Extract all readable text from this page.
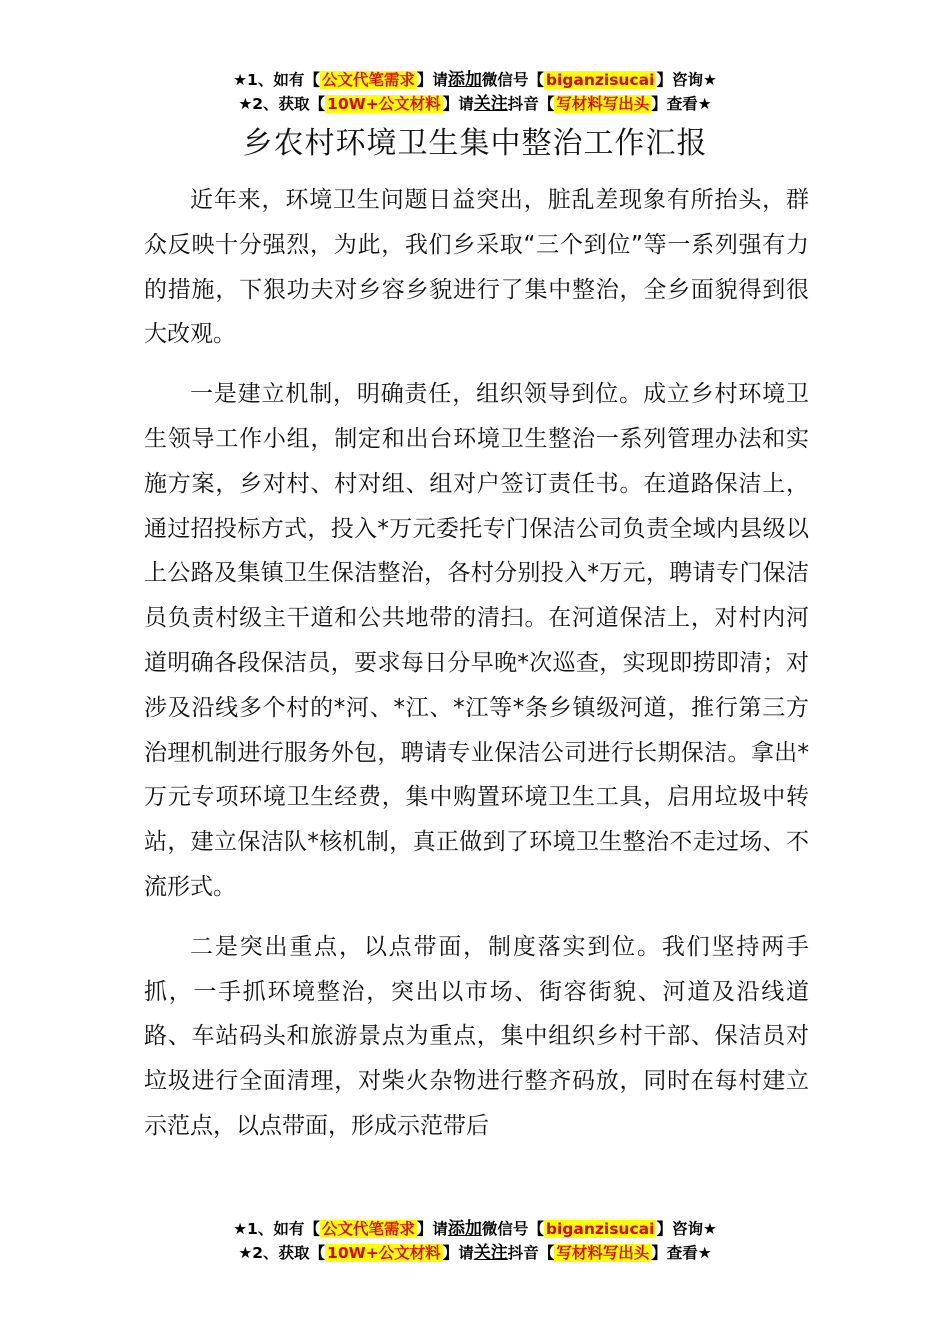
★1、如有【 公文代笔需求 】请添加微信号【 biganzisucai 】咨询★
★2、获取【 10W+公文材料 】请关注抖音【 写材料写出头 】查看★
乡农村环境卫生集中整治工作汇报

近年来，环境卫生问题日益突出，脏乱差现象有所抬头，群众反映十分强烈，为此，我们乡采取“三个到位”等一系列强有力的措施，下狠功夫对乡容乡貌进行了集中整治，全乡面貌得到很大改观。

一是建立机制，明确责任，组织领导到位。成立乡村环境卫生领导工作小组，制定和出台环境卫生整治一系列管理办法和实施方案，乡对村、村对组、组对户签订责任书。在道路保洁上，通过招投标方式，投入*万元委托专门保洁公司负责全域内县级以上公路及集镇卫生保洁整治，各村分别投入*万元，聘请专门保洁员负责村级主干道和公共地带的清扫。在河道保洁上，对村内河道明确各段保洁员，要求每日分早晚*次巡查，实现即捞即清；对涉及沿线多个村的*河、*江、*江等*条乡镇级河道，推行第三方治理机制进行服务外包，聘请专业保洁公司进行长期保洁。拿出*万元专项环境卫生经费，集中购置环境卫生工具，启用垃圾中转站，建立保洁队*核机制，真正做到了环境卫生整治不走过场、不流形式。

二是突出重点，以点带面，制度落实到位。我们坚持两手抓，一手抓环境整治，突出以市场、街容街貌、河道及沿线道路、车站码头和旅游景点为重点，集中组织乡村干部、保洁员对垃圾进行全面清理，对柴火杂物进行整齐码放，同时在每村建立示范点，以点带面，形成示范带后

★1、如有【 公文代笔需求 】请添加微信号【 biganzisucai 】咨询★
★2、获取【 10W+公文材料 】请关注抖音【 写材料写出头 】查看★
